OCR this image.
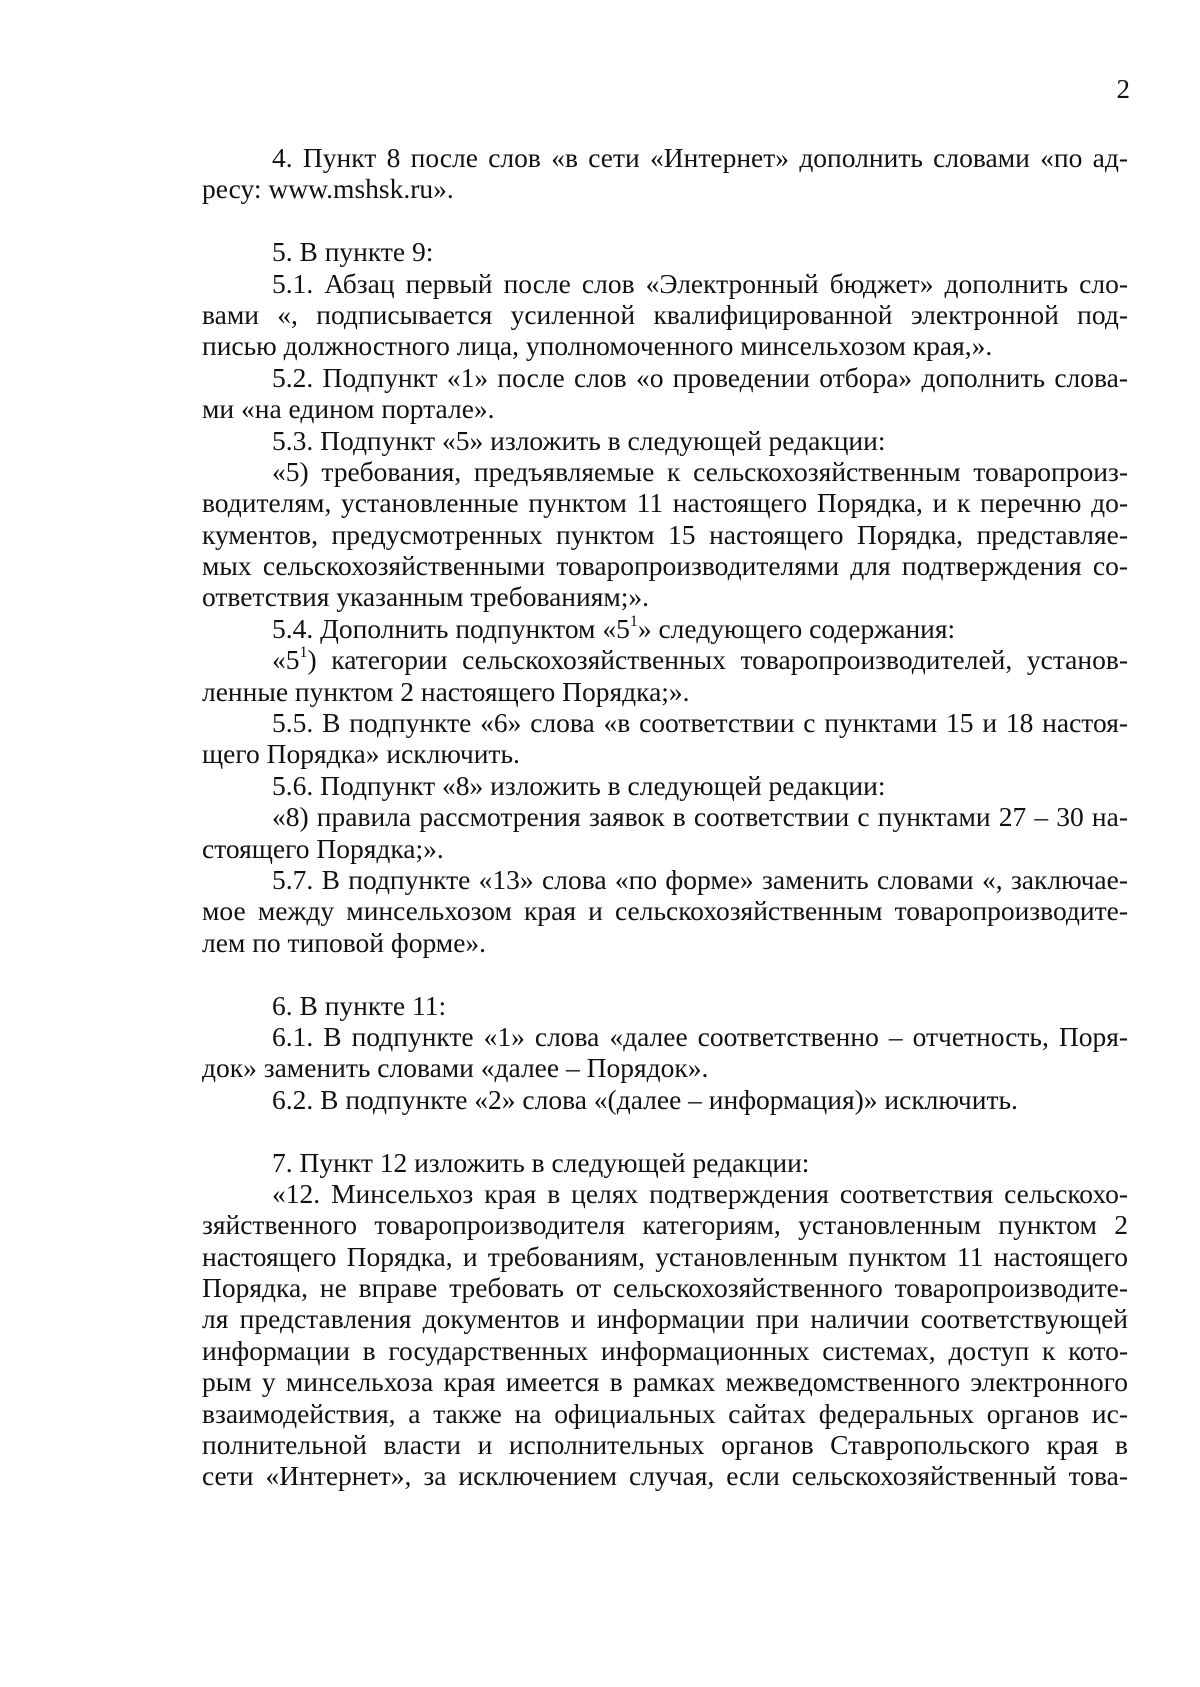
2
4. Пункт 8 после слов «в сети «Интернет» дополнить словами «по ад-
ресу: www.mshsk.ru».
5. В пункте 9:
5.1. Абзац первый после слов «Электронный бюджет» дополнить сло-
вами «, подписывается усиленной квалифицированной электронной под-
писью должностного лица, уполномоченного минсельхозом края,».
5.2. Подпункт «1» после слов «о проведении отбора» дополнить слова-
ми «на едином портале».
5.3. Подпункт «5» изложить в следующей редакции:
«5) требования, предъявляемые к сельскохозяйственным товаропроиз-
водителям, установленные пунктом 11 настоящего Порядка, и к перечню до-
кументов, предусмотренных пунктом 15 настоящего Порядка, представляе-
мых сельскохозяйственными товаропроизводителями для подтверждения со-
ответствия указанным требованиям;».
5.4. Дополнить подпунктом «$5^1$» следующего содержания:
«$5^1$) категории сельскохозяйственных товаропроизводителей, установ-
ленные пунктом 2 настоящего Порядка;».
5.5. В подпункте «6» слова «в соответствии с пунктами 15 и 18 настоя-
щего Порядка» исключить.
5.6. Подпункт «8» изложить в следующей редакции:
«8) правила рассмотрения заявок в соответствии с пунктами 27 – 30 на-
стоящего Порядка;».
5.7. В подпункте «13» слова «по форме» заменить словами «, заключае-
мое между минсельхозом края и сельскохозяйственным товаропроизводите-
лем по типовой форме».
6. В пункте 11:
6.1. В подпункте «1» слова «далее соответственно – отчетность, Поря-
док» заменить словами «далее – Порядок».
6.2. В подпункте «2» слова «(далее – информация)» исключить.
7. Пункт 12 изложить в следующей редакции:
«12. Минсельхоз края в целях подтверждения соответствия сельскохо-
зяйственного товаропроизводителя категориям, установленным пунктом 2
настоящего Порядка, и требованиям, установленным пунктом 11 настоящего
Порядка, не вправе требовать от сельскохозяйственного товаропроизводите-
ля представления документов и информации при наличии соответствующей
информации в государственных информационных системах, доступ к кото-
рым у минсельхоза края имеется в рамках межведомственного электронного
взаимодействия, а также на официальных сайтах федеральных органов ис-
полнительной власти и исполнительных органов Ставропольского края в
сети «Интернет», за исключением случая, если сельскохозяйственный това-
